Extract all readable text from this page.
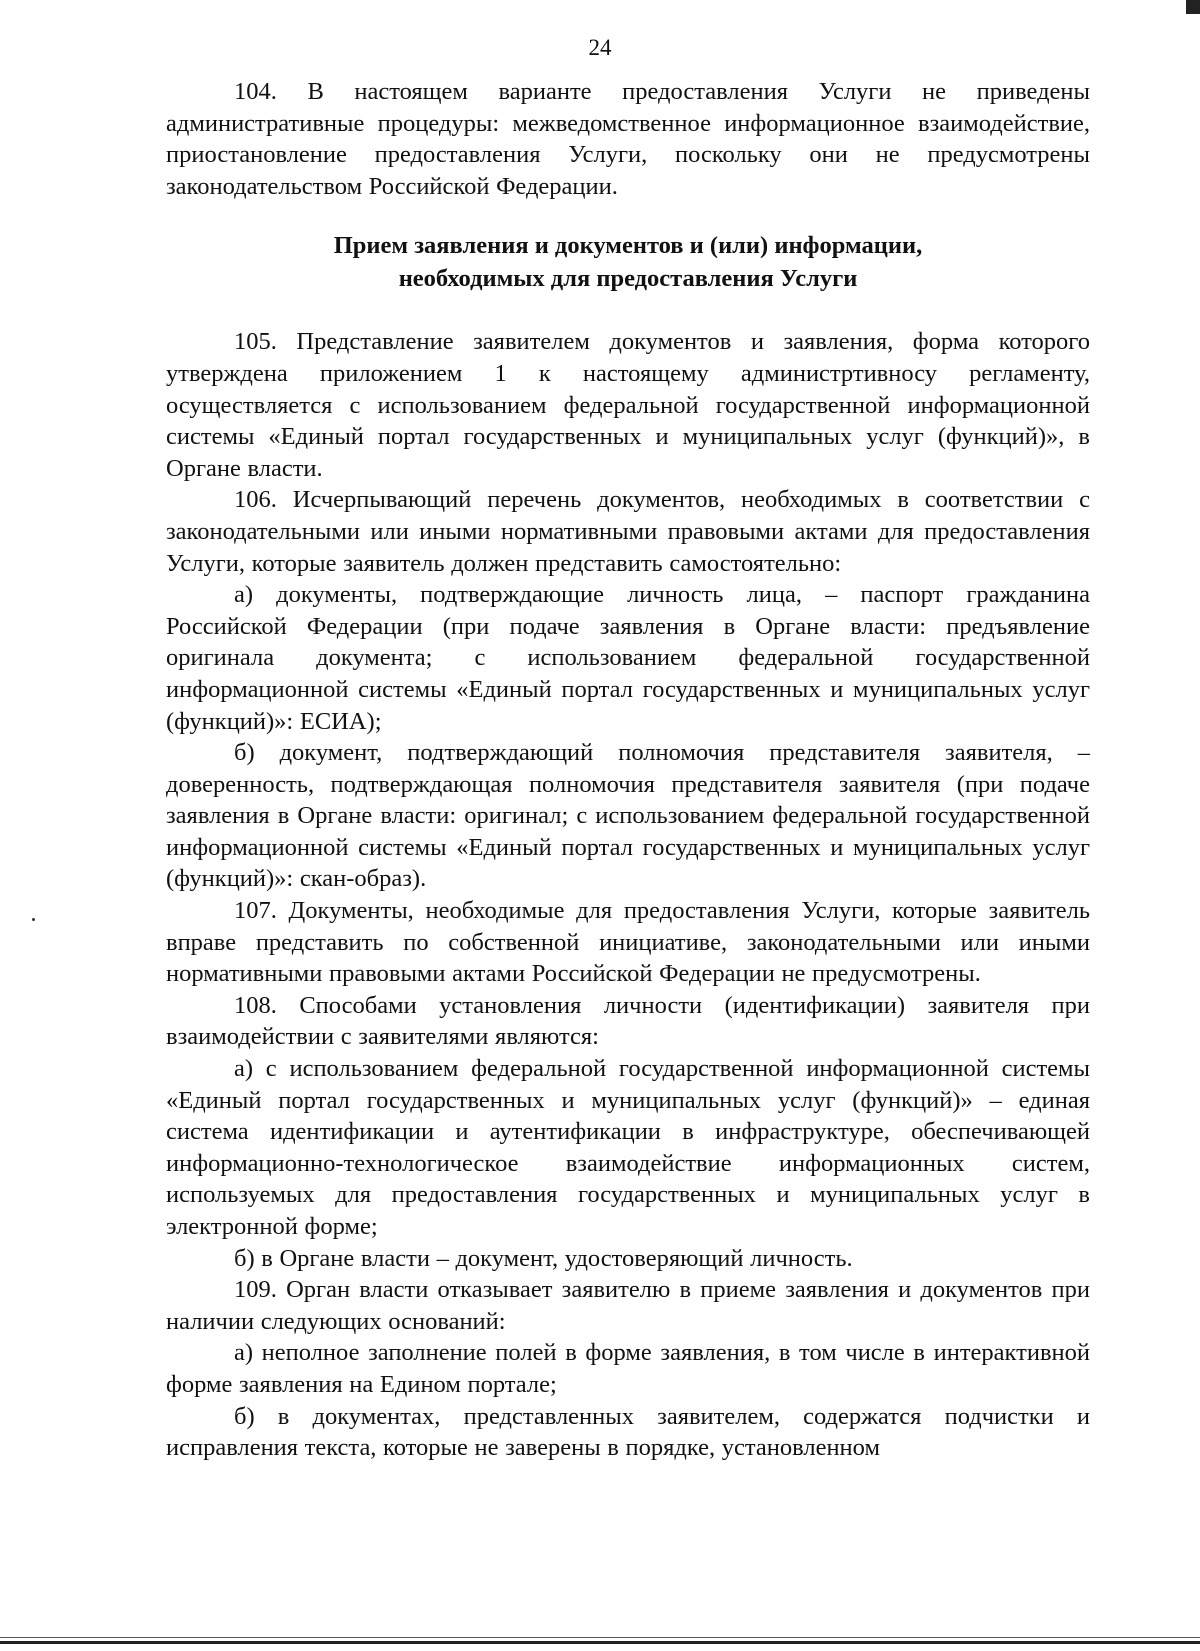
24

104. В настоящем варианте предоставления Услуги не приведены административные процедуры: межведомственное информационное взаимодействие, приостановление предоставления Услуги, поскольку они не предусмотрены законодательством Российской Федерации.

Прием заявления и документов и (или) информации,
необходимых для предоставления Услуги

105. Представление заявителем документов и заявления, форма которого утверждена приложением 1 к настоящему администртивносу регламенту, осуществляется с использованием федеральной государственной информационной системы «Единый портал государственных и муниципальных услуг (функций)», в Органе власти.

106. Исчерпывающий перечень документов, необходимых в соответствии с законодательными или иными нормативными правовыми актами для предоставления Услуги, которые заявитель должен представить самостоятельно:

а) документы, подтверждающие личность лица, – паспорт гражданина Российской Федерации (при подаче заявления в Органе власти: предъявление оригинала документа; с использованием федеральной государственной информационной системы «Единый портал государственных и муниципальных услуг (функций)»: ЕСИА);

б) документ, подтверждающий полномочия представителя заявителя, – доверенность, подтверждающая полномочия представителя заявителя (при подаче заявления в Органе власти: оригинал; с использованием федеральной государственной информационной системы «Единый портал государственных и муниципальных услуг (функций)»: скан-образ).

107. Документы, необходимые для предоставления Услуги, которые заявитель вправе представить по собственной инициативе, законодательными или иными нормативными правовыми актами Российской Федерации не предусмотрены.

108. Способами установления личности (идентификации) заявителя при взаимодействии с заявителями являются:

а) с использованием федеральной государственной информационной системы «Единый портал государственных и муниципальных услуг (функций)» – единая система идентификации и аутентификации в инфраструктуре, обеспечивающей информационно-технологическое взаимодействие информационных систем, используемых для предоставления государственных и муниципальных услуг в электронной форме;

б) в Органе власти – документ, удостоверяющий личность.

109. Орган власти отказывает заявителю в приеме заявления и документов при наличии следующих оснований:

а) неполное заполнение полей в форме заявления, в том числе в интерактивной форме заявления на Едином портале;

б) в документах, представленных заявителем, содержатся подчистки и исправления текста, которые не заверены в порядке, установленном
